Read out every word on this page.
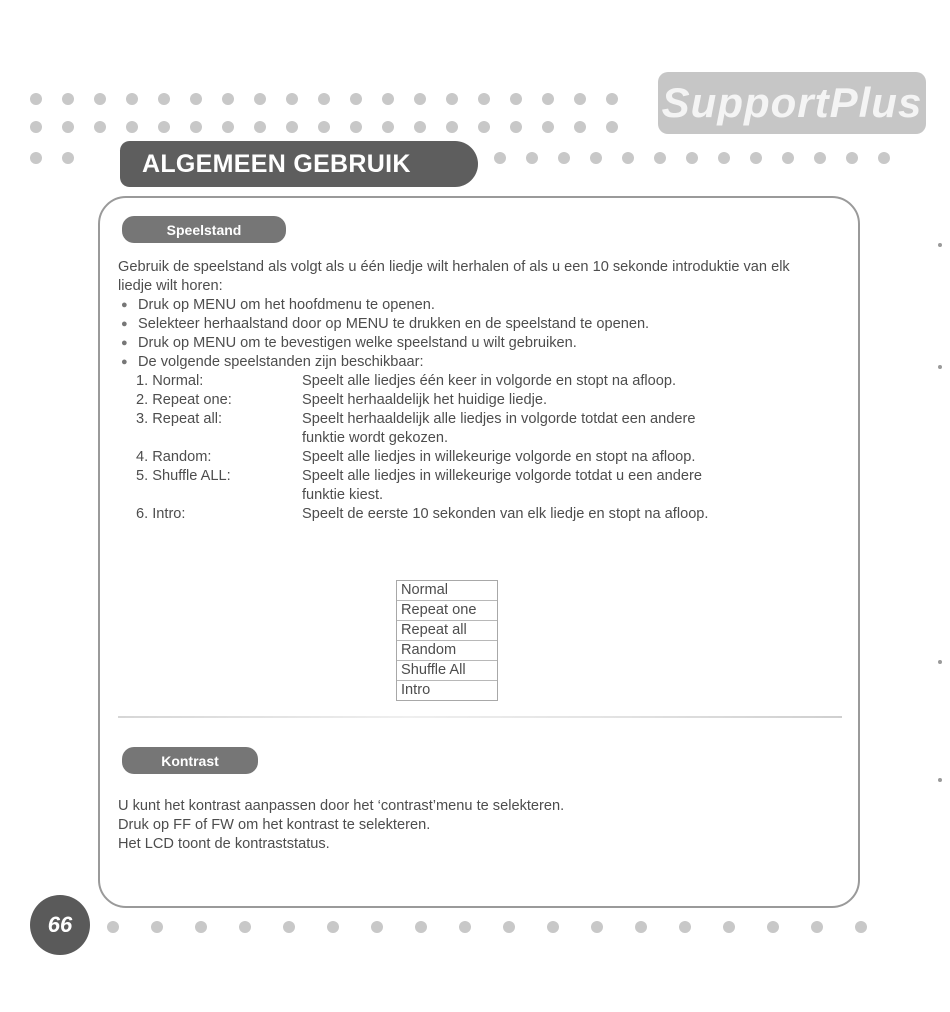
SupportPlus
ALGEMEEN GEBRUIK
Speelstand

Gebruik de speelstand als volgt als u één liedje wilt herhalen of als u een 10 sekonde introduktie van elk liedje wilt horen:

● Druk op MENU om het hoofdmenu te openen.
● Selekteer herhaalstand door op MENU te drukken en de speelstand te openen.
● Druk op MENU om te bevestigen welke speelstand u wilt gebruiken.
● De volgende speelstanden zijn beschikbaar:
1. Normal:	Speelt alle liedjes één keer in volgorde en stopt na afloop.
2. Repeat one:	Speelt herhaaldelijk het huidige liedje.
3. Repeat all:	Speelt herhaaldelijk alle liedjes in volgorde totdat een andere
funktie wordt gekozen.
4. Random:	Speelt alle liedjes in willekeurige volgorde en stopt na afloop.
5. Shuffle ALL:	Speelt alle liedjes in willekeurige volgorde totdat u een andere
funktie kiest.
6. Intro:	Speelt de eerste 10 sekonden van elk liedje en stopt na afloop.
Normal
Repeat one
Repeat all
Random
Shuffle All
Intro
Kontrast

U kunt het kontrast aanpassen door het ‘contrast’menu te selekteren.

Druk op FF of FW om het kontrast te selekteren.

Het LCD toont de kontraststatus.

66
